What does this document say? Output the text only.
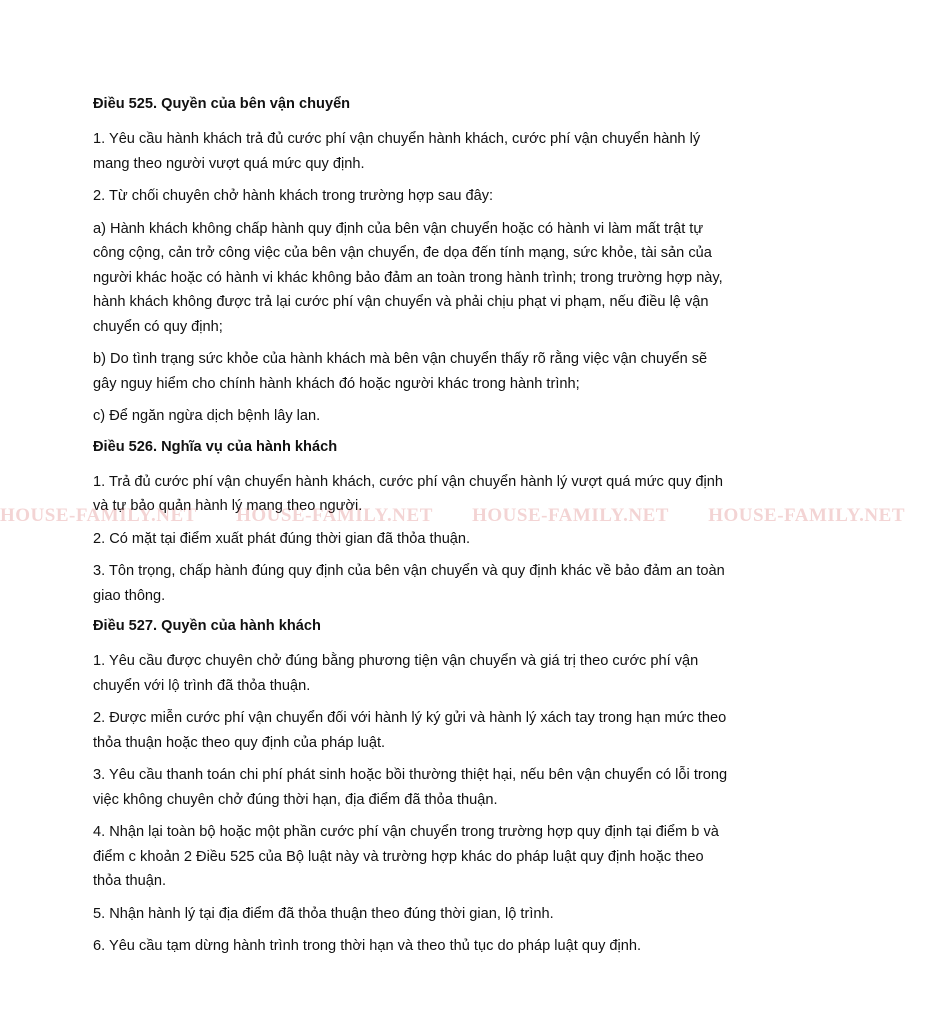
Điều 525. Quyền của bên vận chuyển

1. Yêu cầu hành khách trả đủ cước phí vận chuyển hành khách, cước phí vận chuyển hành lý mang theo người vượt quá mức quy định.

2. Từ chối chuyên chở hành khách trong trường hợp sau đây:

a) Hành khách không chấp hành quy định của bên vận chuyển hoặc có hành vi làm mất trật tự công cộng, cản trở công việc của bên vận chuyển, đe dọa đến tính mạng, sức khỏe, tài sản của người khác hoặc có hành vi khác không bảo đảm an toàn trong hành trình; trong trường hợp này, hành khách không được trả lại cước phí vận chuyển và phải chịu phạt vi phạm, nếu điều lệ vận chuyển có quy định;

b) Do tình trạng sức khỏe của hành khách mà bên vận chuyển thấy rõ rằng việc vận chuyển sẽ gây nguy hiểm cho chính hành khách đó hoặc người khác trong hành trình;

c) Để ngăn ngừa dịch bệnh lây lan.

Điều 526. Nghĩa vụ của hành khách

1. Trả đủ cước phí vận chuyển hành khách, cước phí vận chuyển hành lý vượt quá mức quy định và tự bảo quản hành lý mang theo người.

2. Có mặt tại điểm xuất phát đúng thời gian đã thỏa thuận.

3. Tôn trọng, chấp hành đúng quy định của bên vận chuyển và quy định khác về bảo đảm an toàn giao thông.

Điều 527. Quyền của hành khách

1. Yêu cầu được chuyên chở đúng bằng phương tiện vận chuyển và giá trị theo cước phí vận chuyển với lộ trình đã thỏa thuận.

2. Được miễn cước phí vận chuyển đối với hành lý ký gửi và hành lý xách tay trong hạn mức theo thỏa thuận hoặc theo quy định của pháp luật.

3. Yêu cầu thanh toán chi phí phát sinh hoặc bồi thường thiệt hại, nếu bên vận chuyển có lỗi trong việc không chuyên chở đúng thời hạn, địa điểm đã thỏa thuận.

4. Nhận lại toàn bộ hoặc một phần cước phí vận chuyển trong trường hợp quy định tại điểm b và điểm c khoản 2 Điều 525 của Bộ luật này và trường hợp khác do pháp luật quy định hoặc theo thỏa thuận.

5. Nhận hành lý tại địa điểm đã thỏa thuận theo đúng thời gian, lộ trình.

6. Yêu cầu tạm dừng hành trình trong thời hạn và theo thủ tục do pháp luật quy định.

HOUSE-FAMILY.NET HOUSE-FAMILY.NET HOUSE-FAMILY.NET HOUSE-FAMILY.NET
